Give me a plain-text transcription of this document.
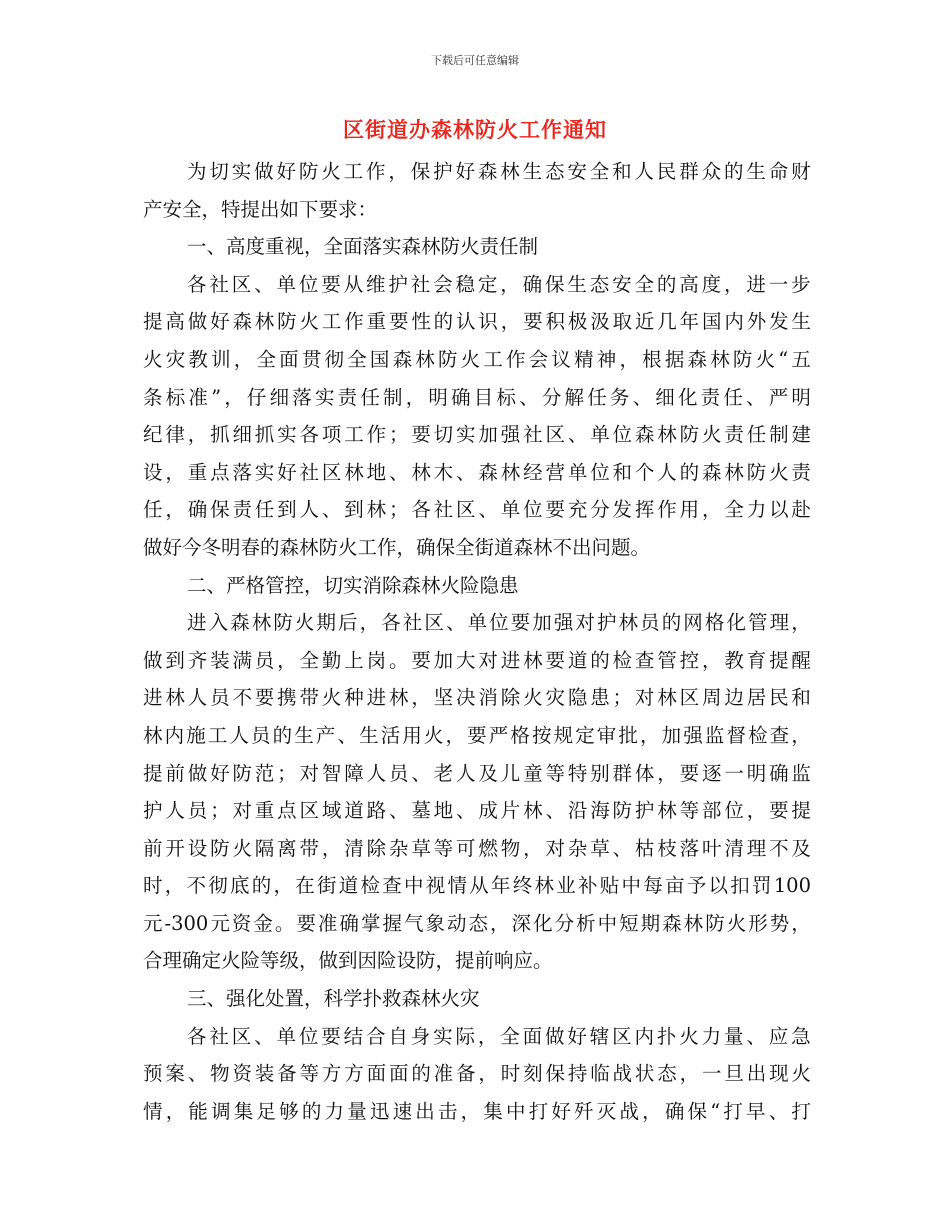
下载后可任意编辑
区街道办森林防火工作通知
为 切 实 做 好 防 火 工 作 ， 保 护 好 森 林 生 态 安 全 和 人 民 群 众 的 生 命 财
产安全，特提出如下要求：
一、高度重视，全面落实森林防火责任制
各 社 区 、 单 位 要 从 维 护 社 会 稳 定 ， 确 保 生 态 安 全 的 高 度 ， 进 一 步
提 高 做 好 森 林 防 火 工 作 重 要 性 的 认 识 ， 要 积 极 汲 取 近 几 年 国 内 外 发 生
火 灾 教 训 ， 全 面 贯 彻 全 国 森 林 防 火 工 作 会 议 精 神 ， 根 据 森 林 防 火 “ 五
条 标 准 ” ， 仔 细 落 实 责 任 制 ， 明 确 目 标 、 分 解 任 务 、 细 化 责 任 、 严 明
纪 律 ， 抓 细 抓 实 各 项 工 作 ； 要 切 实 加 强 社 区 、 单 位 森 林 防 火 责 任 制 建
设 ， 重 点 落 实 好 社 区 林 地 、 林 木 、 森 林 经 营 单 位 和 个 人 的 森 林 防 火 责
任 ， 确 保 责 任 到 人 、 到 林 ； 各 社 区 、 单 位 要 充 分 发 挥 作 用 ， 全 力 以 赴
做好今冬明春的森林防火工作，确保全街道森林不出问题。
二、严格管控，切实消除森林火险隐患
进 入 森 林 防 火 期 后 ， 各 社 区 、 单 位 要 加 强 对 护 林 员 的 网 格 化 管 理 ，
做 到 齐 装 满 员 ， 全 勤 上 岗 。 要 加 大 对 进 林 要 道 的 检 查 管 控 ， 教 育 提 醒
进 林 人 员 不 要 携 带 火 种 进 林 ， 坚 决 消 除 火 灾 隐 患 ； 对 林 区 周 边 居 民 和
林 内 施 工 人 员 的 生 产 、 生 活 用 火 ， 要 严 格 按 规 定 审 批 ， 加 强 监 督 检 查 ，
提 前 做 好 防 范 ； 对 智 障 人 员 、 老 人 及 儿 童 等 特 别 群 体 ， 要 逐 一 明 确 监
护 人 员 ； 对 重 点 区 域 道 路 、 墓 地 、 成 片 林 、 沿 海 防 护 林 等 部 位 ， 要 提
前 开 设 防 火 隔 离 带 ， 清 除 杂 草 等 可 燃 物 ， 对 杂 草 、 枯 枝 落 叶 清 理 不 及
时 ， 不 彻 底 的 ， 在 街 道 检 查 中 视 情 从 年 终 林 业 补 贴 中 每 亩 予 以 扣 罚 100
元 -300 元 资 金 。 要 准 确 掌 握 气 象 动 态 ， 深 化 分 析 中 短 期 森 林 防 火 形 势 ，
合理确定火险等级，做到因险设防，提前响应。
三、强化处置，科学扑救森林火灾
各 社 区 、 单 位 要 结 合 自 身 实 际 ， 全 面 做 好 辖 区 内 扑 火 力 量 、 应 急
预 案 、 物 资 装 备 等 方 方 面 面 的 准 备 ， 时 刻 保 持 临 战 状 态 ， 一 旦 出 现 火
情 ， 能 调 集 足 够 的 力 量 迅 速 出 击 ， 集 中 打 好 歼 灭 战 ， 确 保 “ 打 早 、 打
